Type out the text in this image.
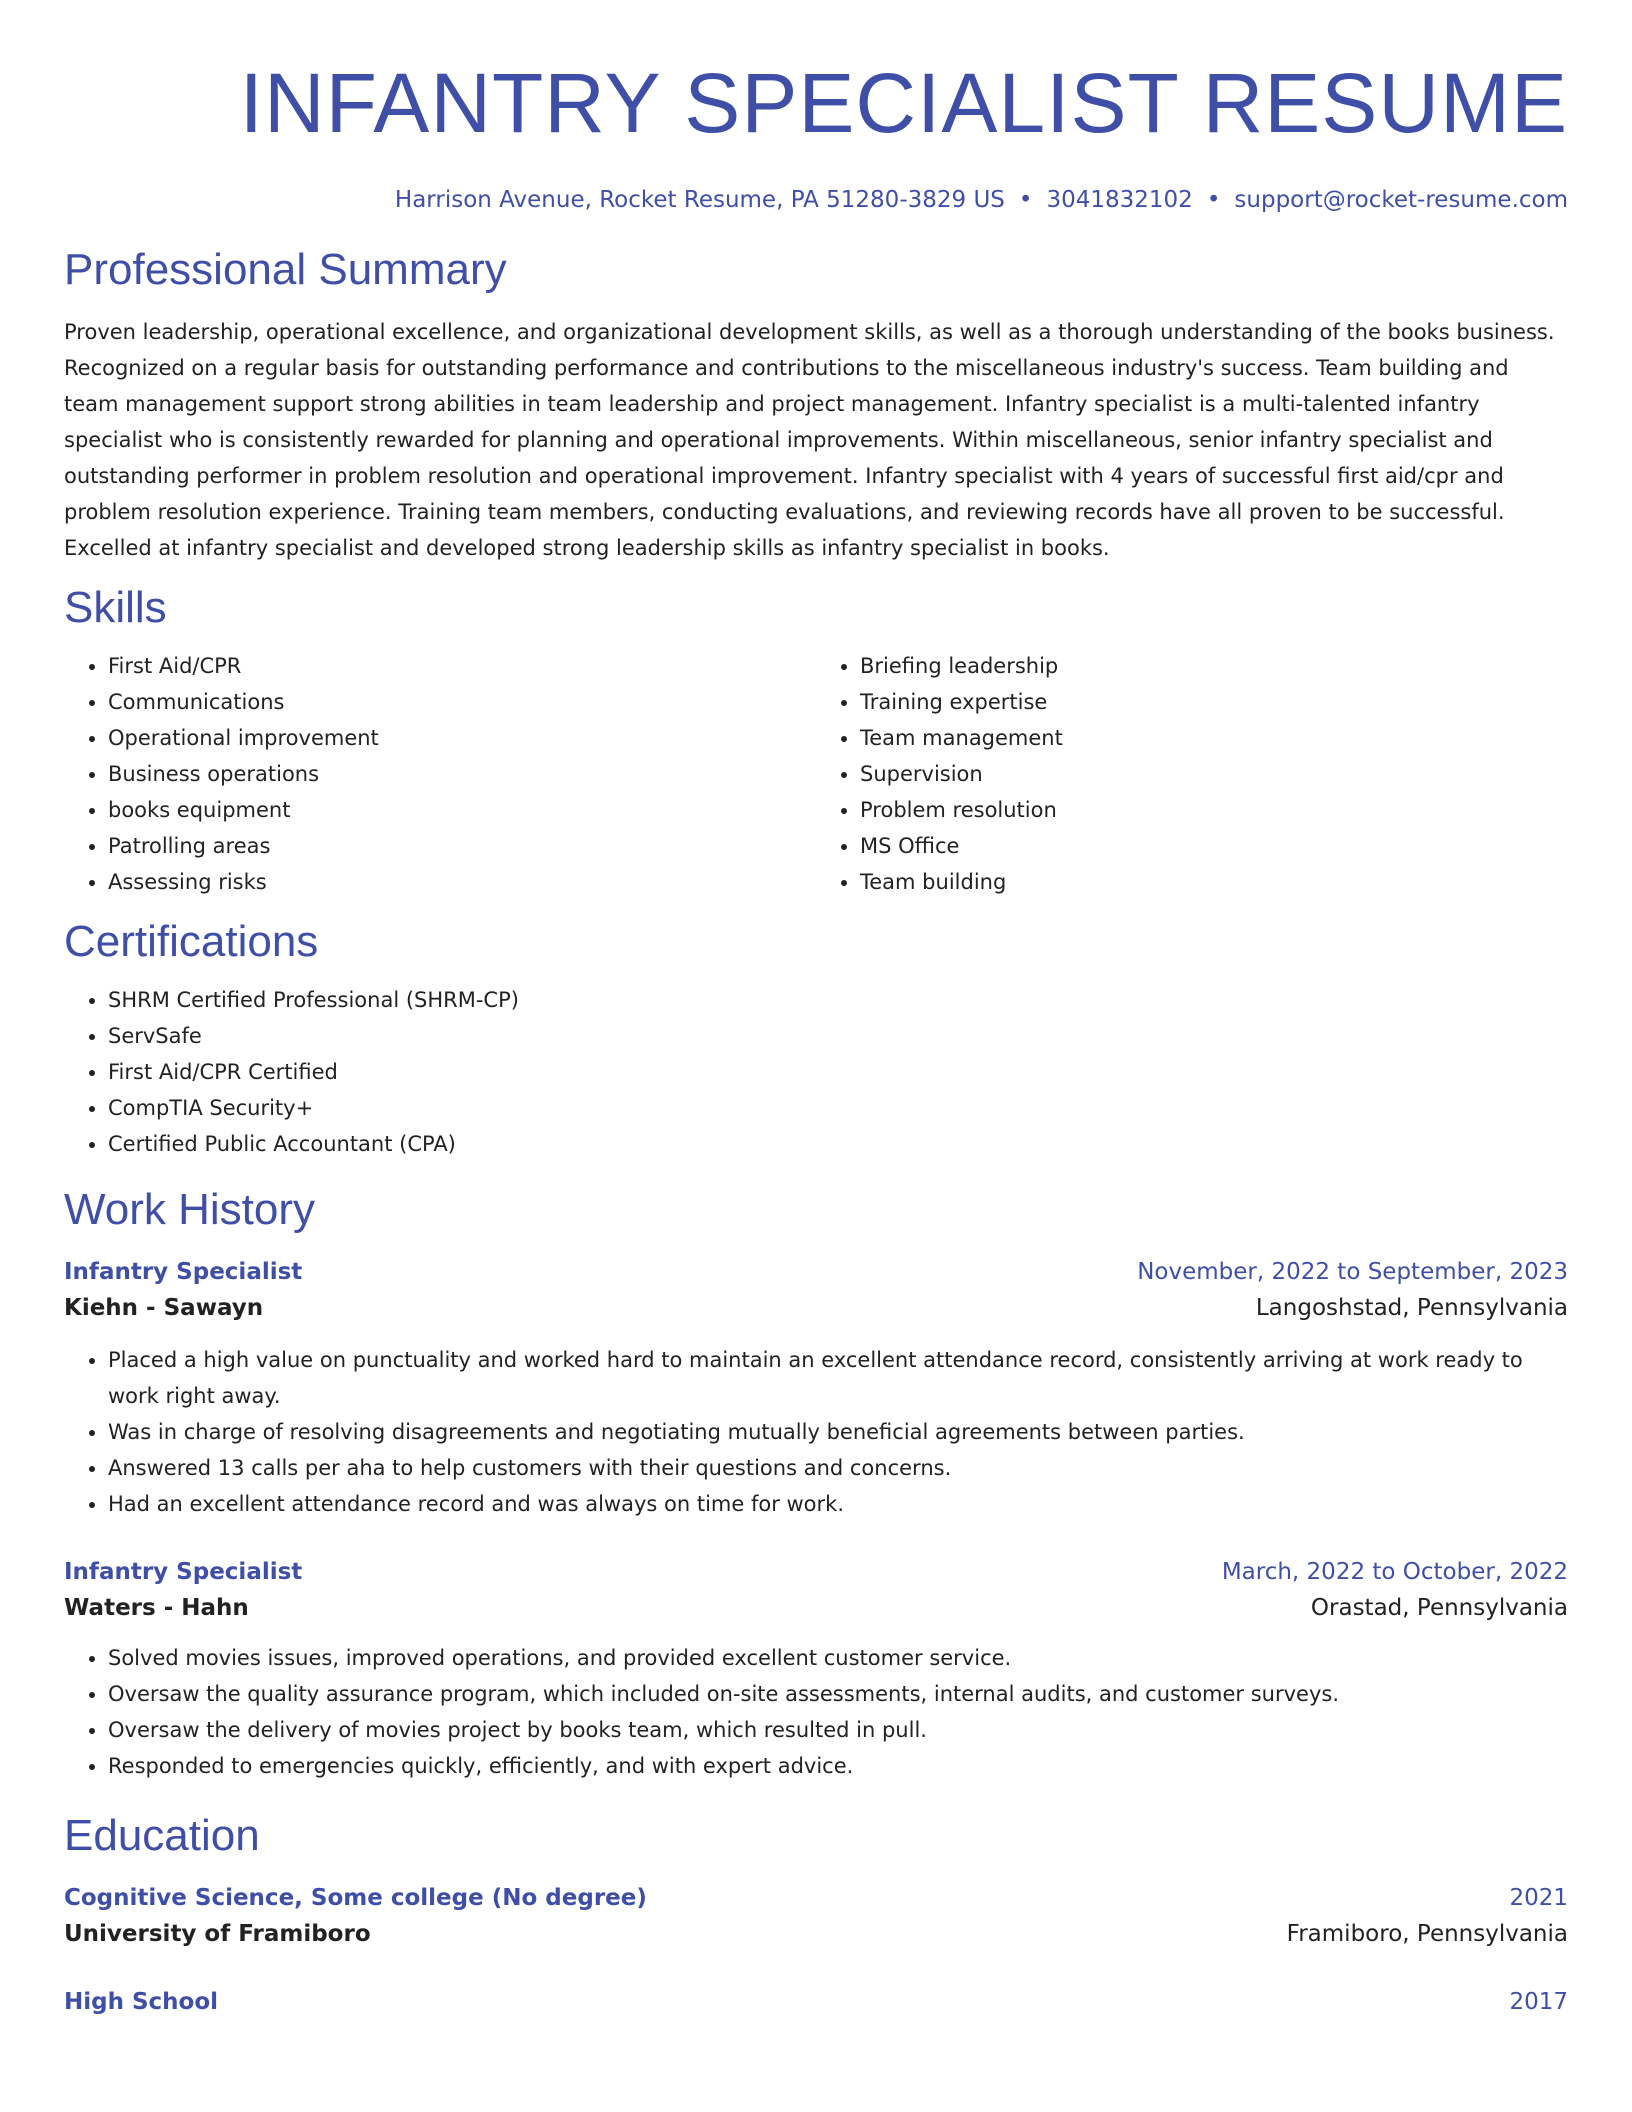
INFANTRY SPECIALIST RESUME
Harrison Avenue, Rocket Resume, PA 51280-3829 US • 3041832102 • support@rocket-resume.com
Professional Summary

Proven leadership, operational excellence, and organizational development skills, as well as a thorough understanding of the books business. Recognized on a regular basis for outstanding performance and contributions to the miscellaneous industry's success. Team building and team management support strong abilities in team leadership and project management. Infantry specialist is a multi-talented infantry specialist who is consistently rewarded for planning and operational improvements. Within miscellaneous, senior infantry specialist and outstanding performer in problem resolution and operational improvement. Infantry specialist with 4 years of successful first aid/cpr and problem resolution experience. Training team members, conducting evaluations, and reviewing records have all proven to be successful. Excelled at infantry specialist and developed strong leadership skills as infantry specialist in books.

Skills
• First Aid/CPR
• Communications
• Operational improvement
• Business operations
• books equipment
• Patrolling areas
• Assessing risks
• Briefing leadership
• Training expertise
• Team management
• Supervision
• Problem resolution
• MS Office
• Team building
Certifications
• SHRM Certified Professional (SHRM-CP)
• ServSafe
• First Aid/CPR Certified
• CompTIA Security+
• Certified Public Accountant (CPA)
Work History
Infantry Specialist	November, 2022 to September, 2023
Kiehn - Sawayn	Langoshstad, Pennsylvania
• Placed a high value on punctuality and worked hard to maintain an excellent attendance record, consistently arriving at work ready to work right away.
• Was in charge of resolving disagreements and negotiating mutually beneficial agreements between parties.
• Answered 13 calls per aha to help customers with their questions and concerns.
• Had an excellent attendance record and was always on time for work.
Infantry Specialist	March, 2022 to October, 2022
Waters - Hahn	Orastad, Pennsylvania
• Solved movies issues, improved operations, and provided excellent customer service.
• Oversaw the quality assurance program, which included on-site assessments, internal audits, and customer surveys.
• Oversaw the delivery of movies project by books team, which resulted in pull.
• Responded to emergencies quickly, efficiently, and with expert advice.
Education
Cognitive Science, Some college (No degree)	2021
University of Framiboro	Framiboro, Pennsylvania
High School	2017
